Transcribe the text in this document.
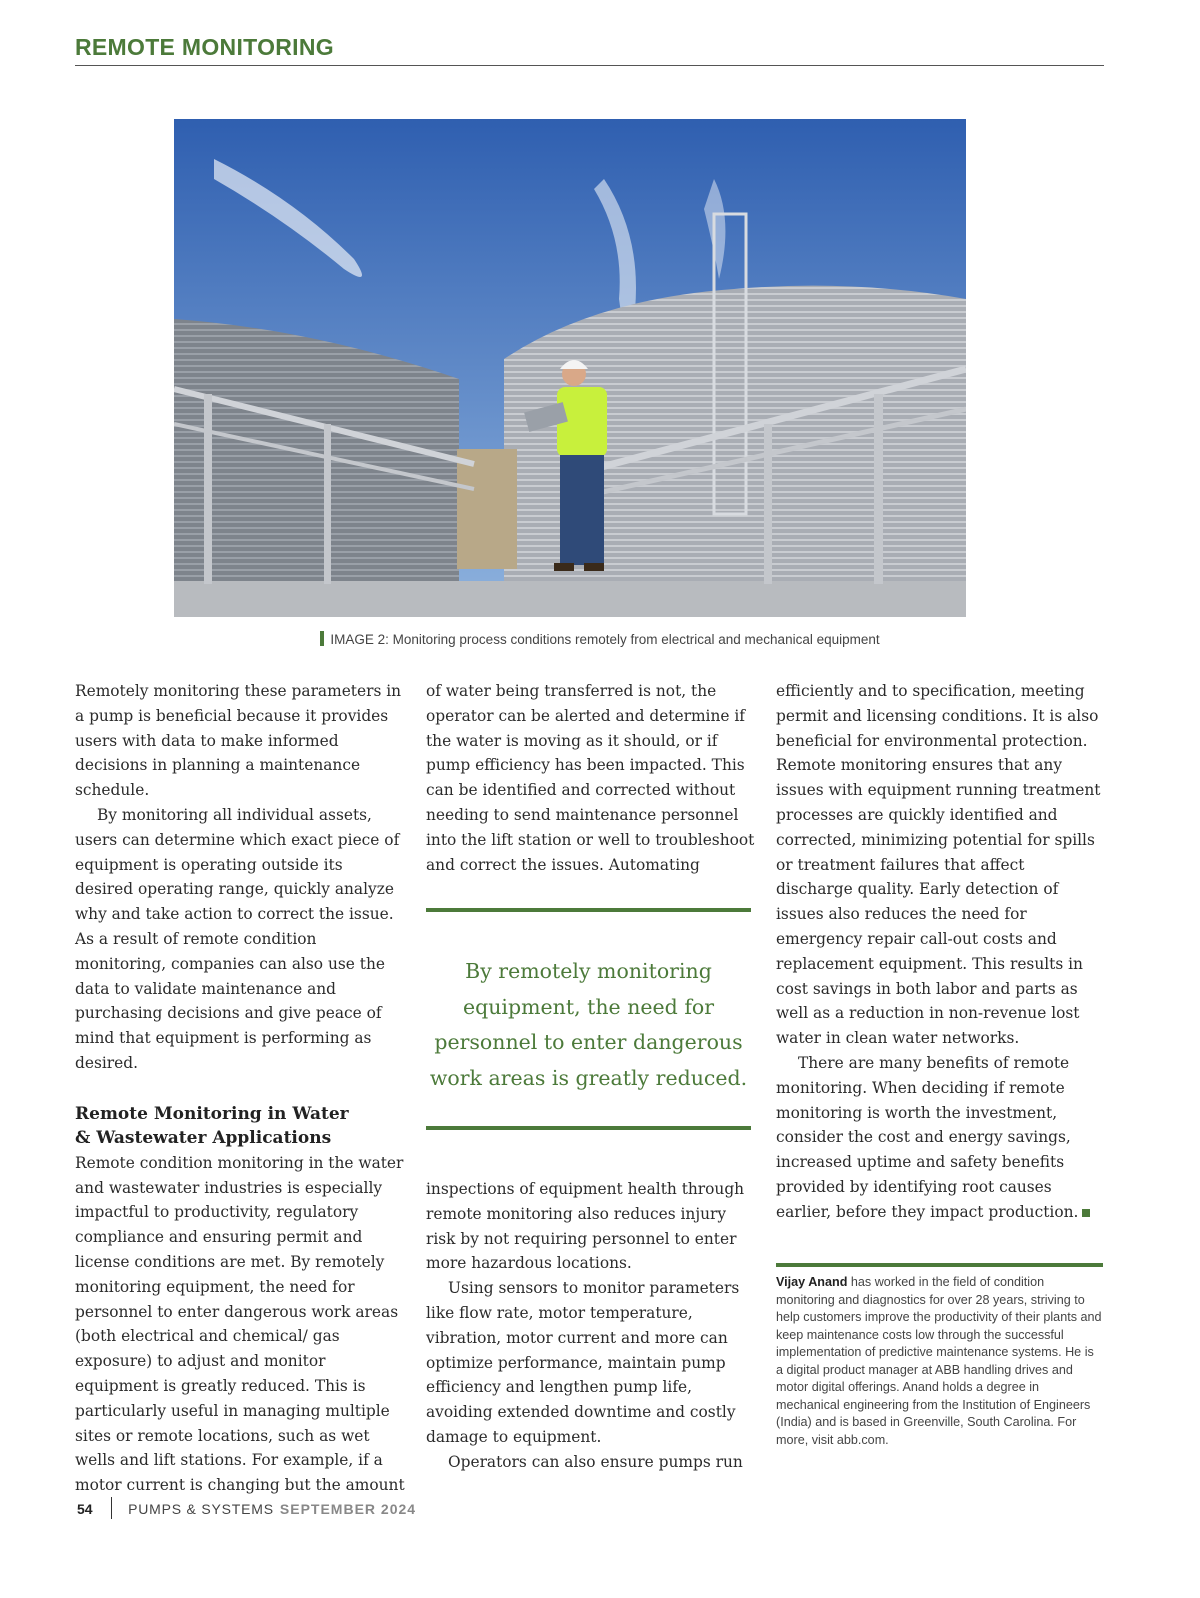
REMOTE MONITORING
IMAGE 2: Monitoring process conditions remotely from electrical and mechanical equipment

Remotely monitoring these parameters in a pump is beneficial because it provides users with data to make informed decisions in planning a maintenance schedule.

By monitoring all individual assets, users can determine which exact piece of equipment is operating outside its desired operating range, quickly analyze why and take action to correct the issue. As a result of remote condition monitoring, companies can also use the data to validate maintenance and purchasing decisions and give peace of mind that equipment is performing as desired.

Remote Monitoring in Water
& Wastewater Applications

Remote condition monitoring in the water and wastewater industries is especially impactful to productivity, regulatory compliance and ensuring permit and license conditions are met. By remotely monitoring equipment, the need for personnel to enter dangerous work areas (both electrical and chemical/ gas exposure) to adjust and monitor equipment is greatly reduced. This is particularly useful in managing multiple sites or remote locations, such as wet wells and lift stations. For example, if a motor current is changing but the amount

of water being transferred is not, the operator can be alerted and determine if the water is moving as it should, or if pump efficiency has been impacted. This can be identified and corrected without needing to send maintenance personnel into the lift station or well to troubleshoot and correct the issues. Automating

By remotely monitoring equipment, the need for personnel to enter dangerous work areas is greatly reduced.

inspections of equipment health through remote monitoring also reduces injury risk by not requiring personnel to enter more hazardous locations.

Using sensors to monitor parameters like flow rate, motor temperature, vibration, motor current and more can optimize performance, maintain pump efficiency and lengthen pump life, avoiding extended downtime and costly damage to equipment.

Operators can also ensure pumps run

efficiently and to specification, meeting permit and licensing conditions. It is also beneficial for environmental protection. Remote monitoring ensures that any issues with equipment running treatment processes are quickly identified and corrected, minimizing potential for spills or treatment failures that affect discharge quality. Early detection of issues also reduces the need for emergency repair call-out costs and replacement equipment. This results in cost savings in both labor and parts as well as a reduction in non-revenue lost water in clean water networks.

There are many benefits of remote monitoring. When deciding if remote monitoring is worth the investment, consider the cost and energy savings, increased uptime and safety benefits provided by identifying root causes earlier, before they impact production.

Vijay Anand has worked in the field of condition monitoring and diagnostics for over 28 years, striving to help customers improve the productivity of their plants and keep maintenance costs low through the successful implementation of predictive maintenance systems. He is a digital product manager at ABB handling drives and motor digital offerings. Anand holds a degree in mechanical engineering from the Institution of Engineers (India) and is based in Greenville, South Carolina. For more, visit abb.com.
54	PUMPS & SYSTEMS SEPTEMBER 2024
